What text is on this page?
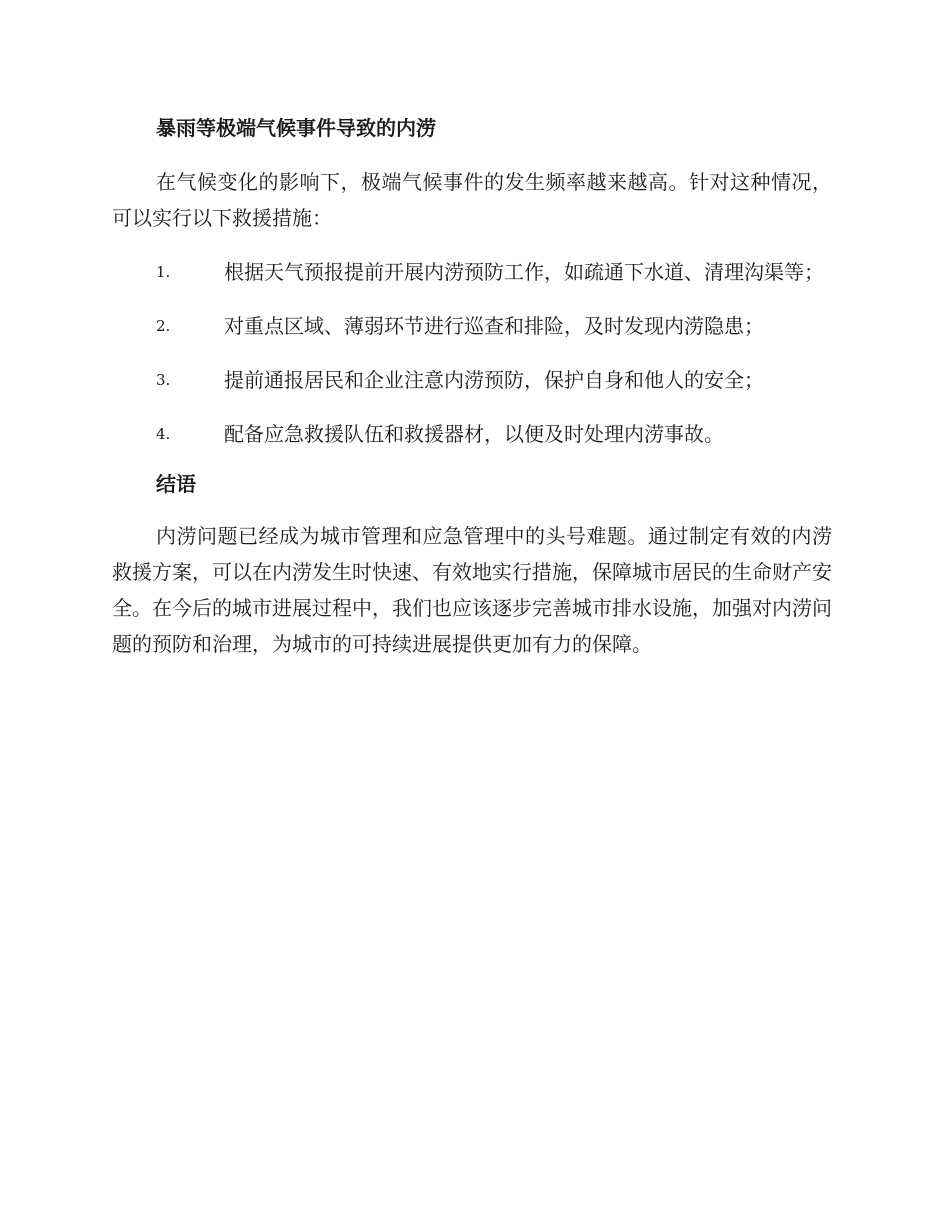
暴雨等极端气候事件导致的内涝

在气候变化的影响下，极端气候事件的发生频率越来越高。针对这种情况，可以实行以下救援措施：

1.	根据天气预报提前开展内涝预防工作，如疏通下水道、清理沟渠等；

2.	对重点区域、薄弱环节进行巡查和排险，及时发现内涝隐患；

3.	提前通报居民和企业注意内涝预防，保护自身和他人的安全；

4.	配备应急救援队伍和救援器材，以便及时处理内涝事故。

结语

内涝问题已经成为城市管理和应急管理中的头号难题。通过制定有效的内涝救援方案，可以在内涝发生时快速、有效地实行措施，保障城市居民的生命财产安全。在今后的城市进展过程中，我们也应该逐步完善城市排水设施，加强对内涝问题的预防和治理，为城市的可持续进展提供更加有力的保障。
